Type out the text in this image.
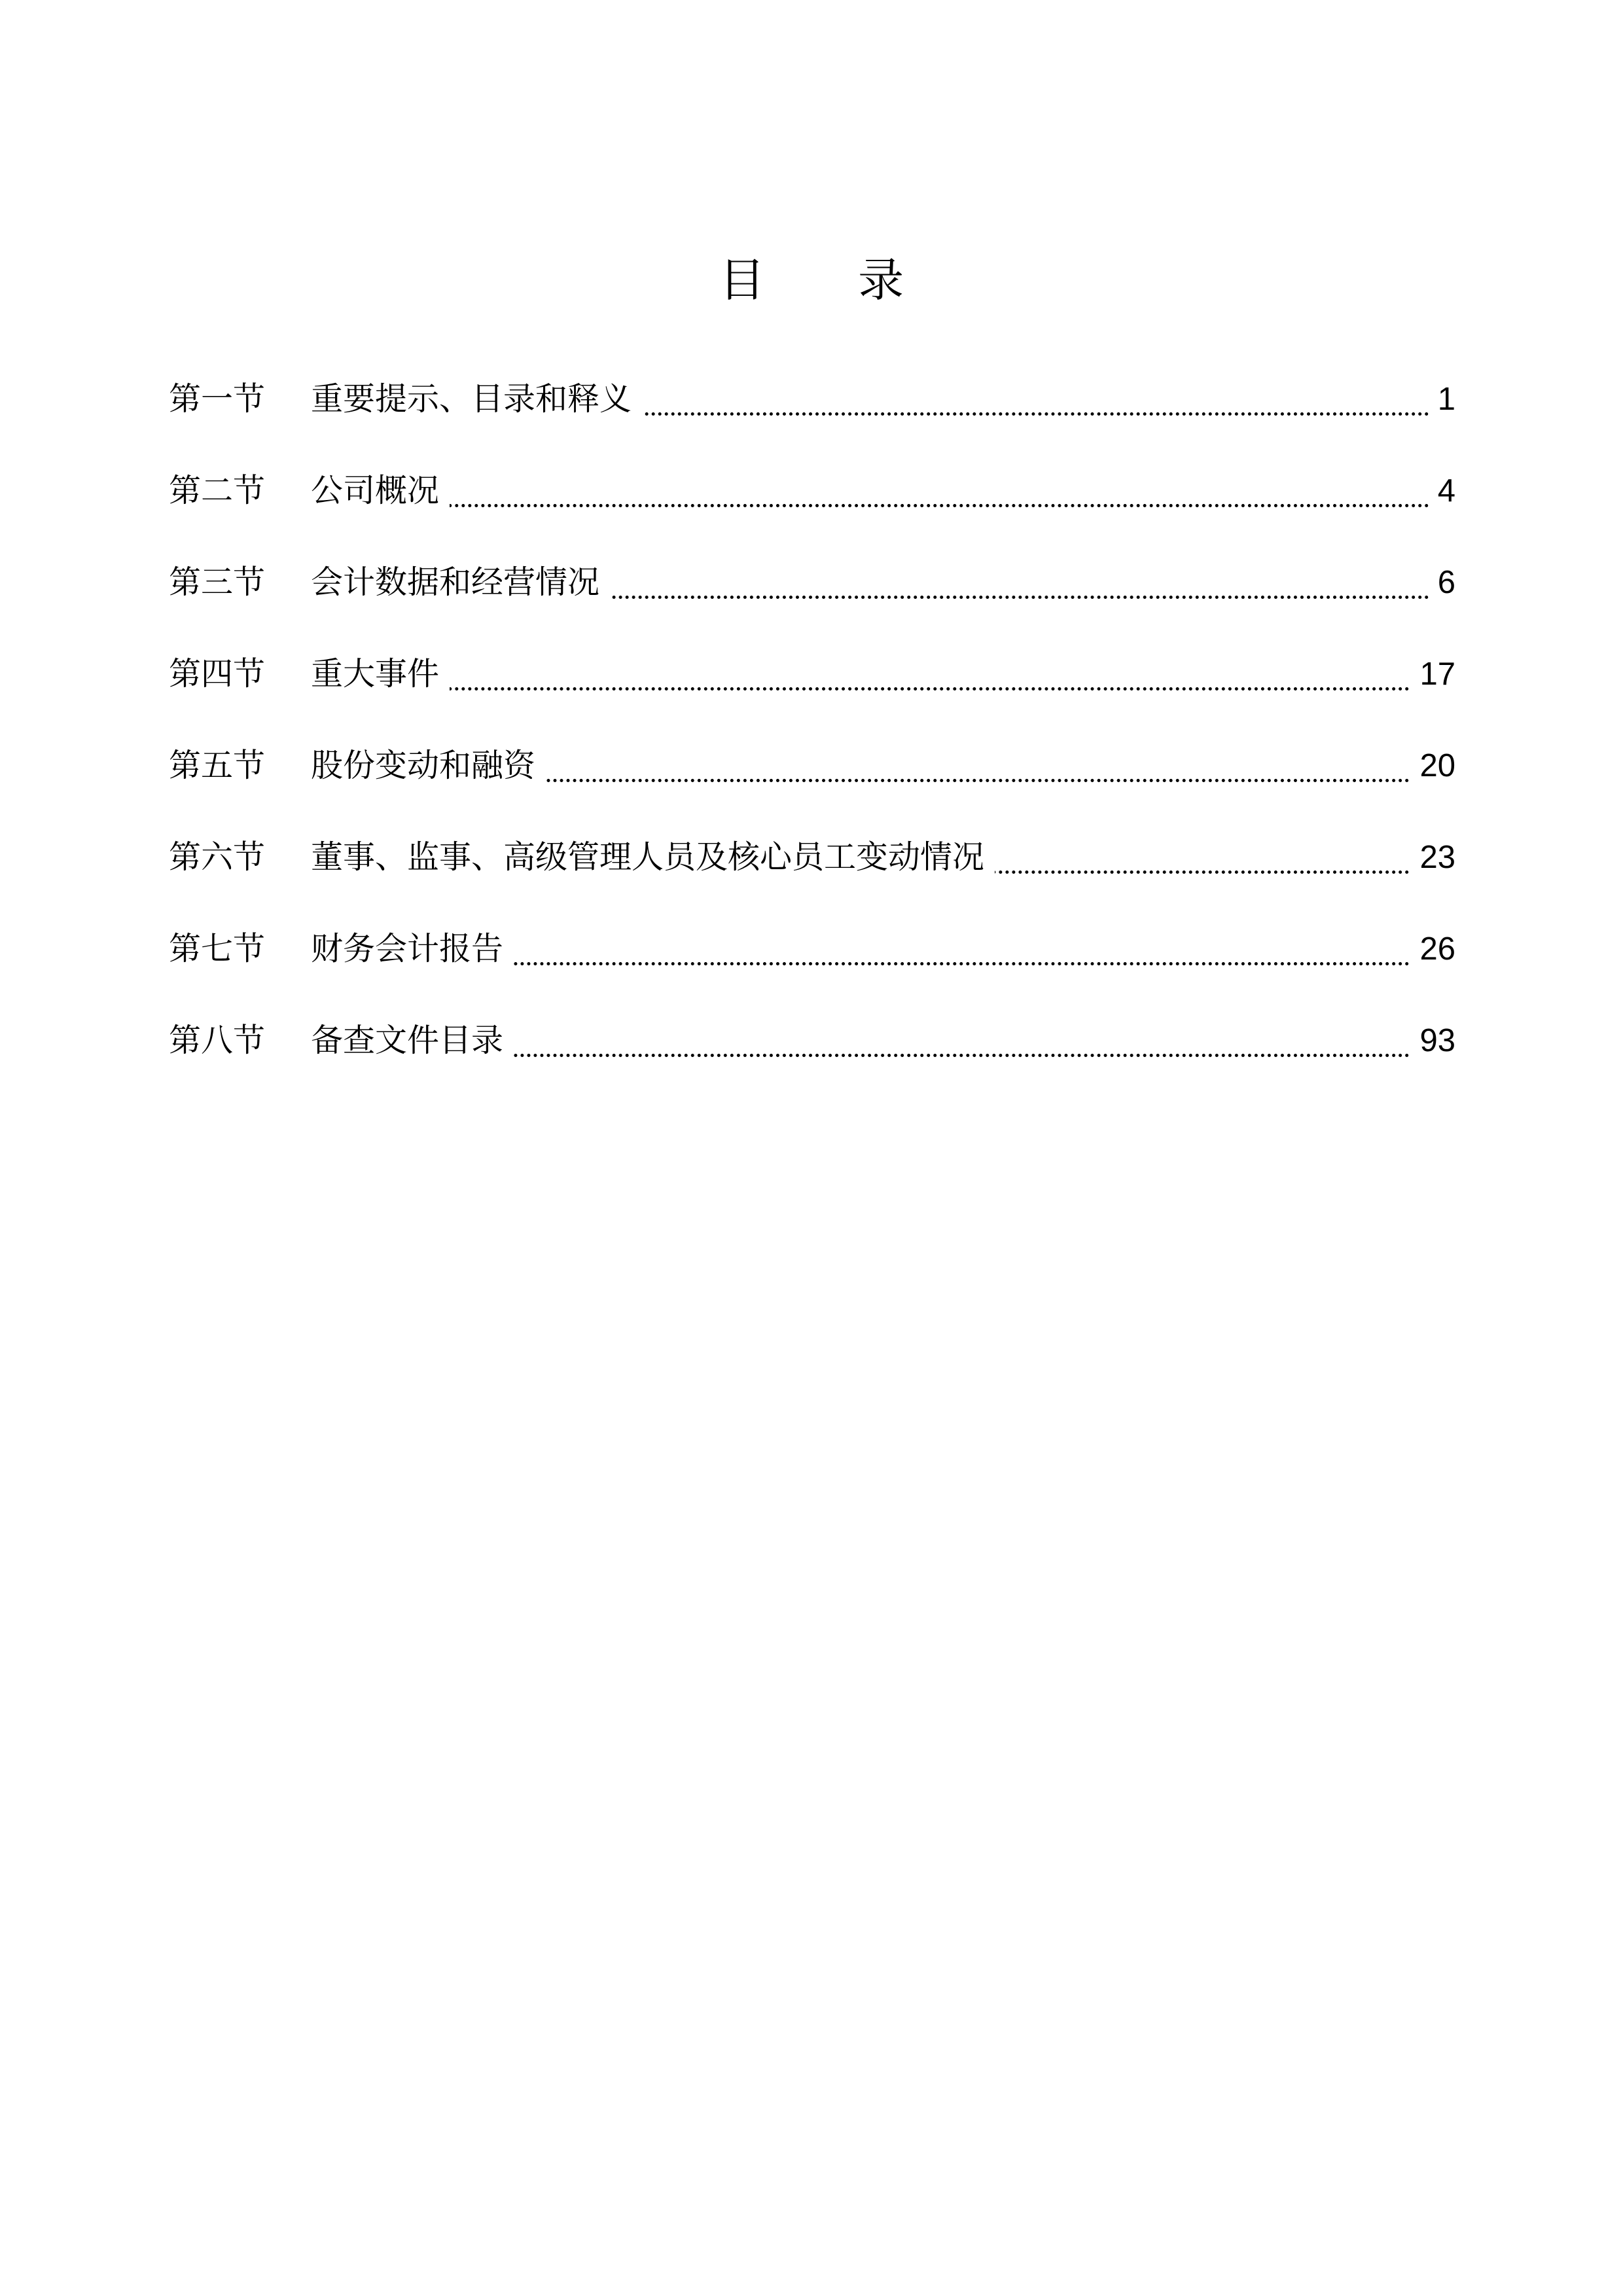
目 录
第一节	重要提示、目录和释义	1
第二节	公司概况	4
第三节	会计数据和经营情况	6
第四节	重大事件	17
第五节	股份变动和融资	20
第六节	董事、监事、高级管理人员及核心员工变动情况	23
第七节	财务会计报告	26
第八节	备查文件目录	93
